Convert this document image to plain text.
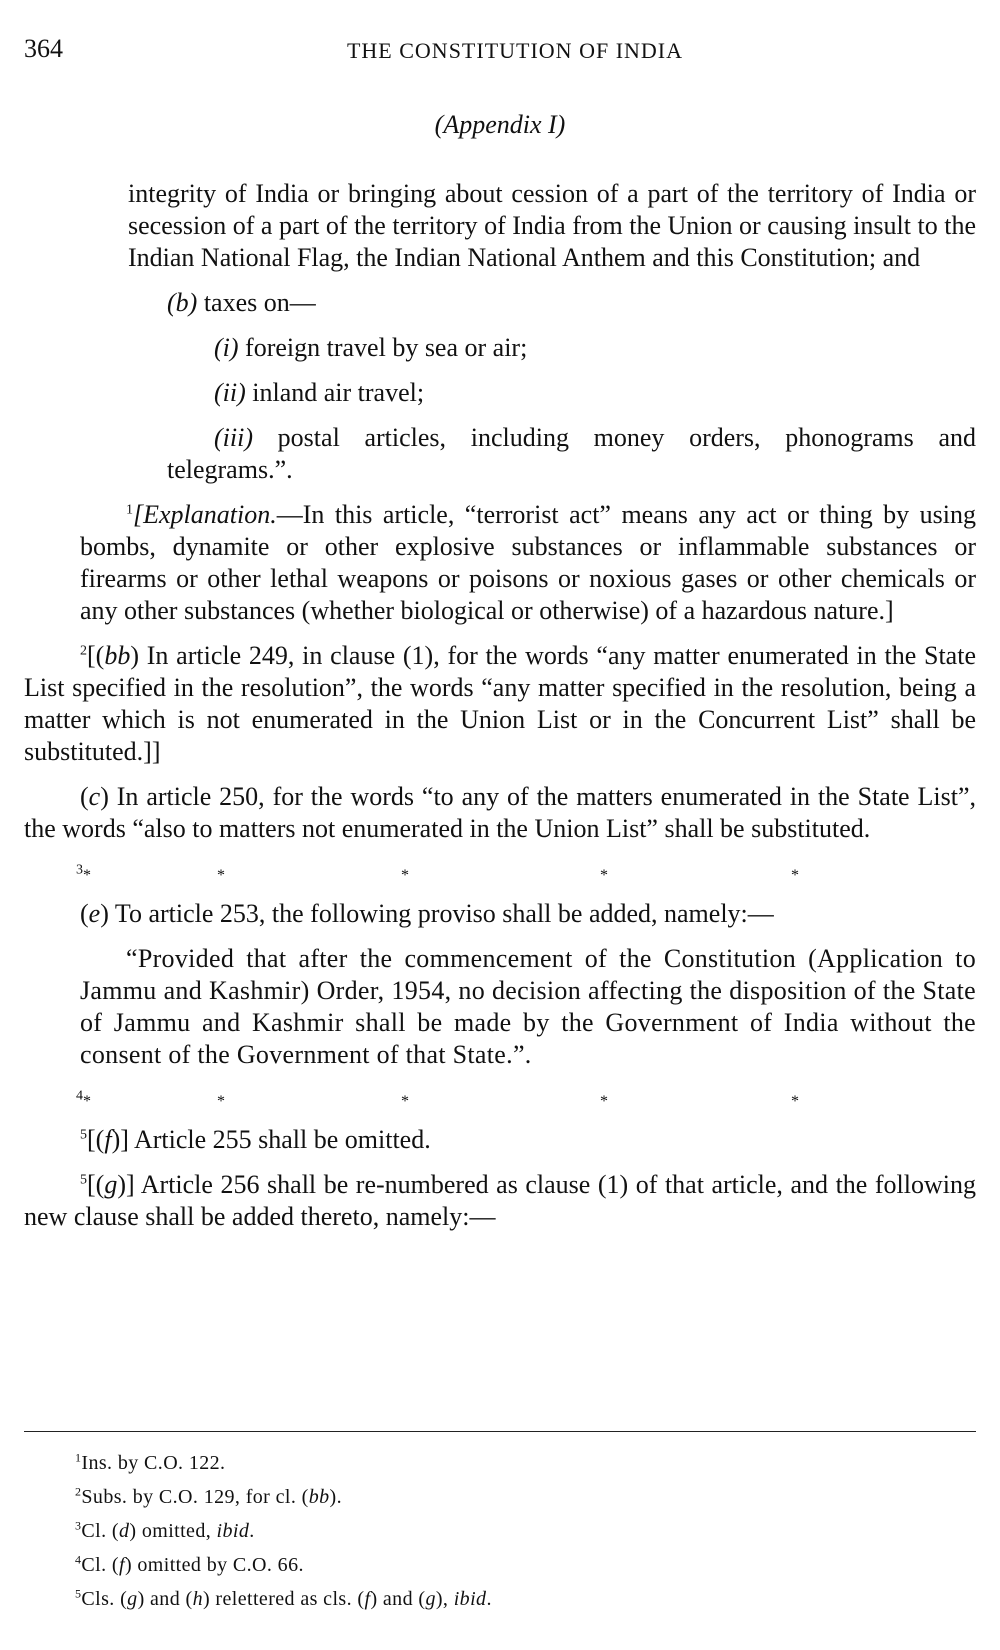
364	THE CONSTITUTION OF INDIA
(Appendix I)

integrity of India or bringing about cession of a part of the territory of India or secession of a part of the territory of India from the Union or causing insult to the Indian National Flag, the Indian National Anthem and this Constitution; and

(b) taxes on—

(i) foreign travel by sea or air;

(ii) inland air travel;

(iii) postal articles, including money orders, phonograms and telegrams.”.

$^1$[Explanation.—In this article, “terrorist act” means any act or thing by using bombs, dynamite or other explosive substances or inflammable substances or firearms or other lethal weapons or poisons or noxious gases or other chemicals or any other substances (whether biological or otherwise) of a hazardous nature.]

$^2$[(bb) In article 249, in clause (1), for the words “any matter enumerated in the State List specified in the resolution”, the words “any matter specified in the resolution, being a matter which is not enumerated in the Union List or in the Concurrent List” shall be substituted.]]

(c) In article 250, for the words “to any of the matters enumerated in the State List”, the words “also to matters not enumerated in the Union List” shall be substituted.

$^3$*	*	*	*	*

(e) To article 253, the following proviso shall be added, namely:—

“Provided that after the commencement of the Constitution (Application to Jammu and Kashmir) Order, 1954, no decision affecting the disposition of the State of Jammu and Kashmir shall be made by the Government of India without the consent of the Government of that State.”.

$^4$*	*	*	*	*

$^5$[(f)] Article 255 shall be omitted.

$^5$[(g)] Article 256 shall be re-numbered as clause (1) of that article, and the following new clause shall be added thereto, namely:—

$^1$Ins. by C.O. 122.
$^2$Subs. by C.O. 129, for cl. (bb).
$^3$Cl. (d) omitted, ibid.
$^4$Cl. (f) omitted by C.O. 66.
$^5$Cls. (g) and (h) relettered as cls. (f) and (g), ibid.
